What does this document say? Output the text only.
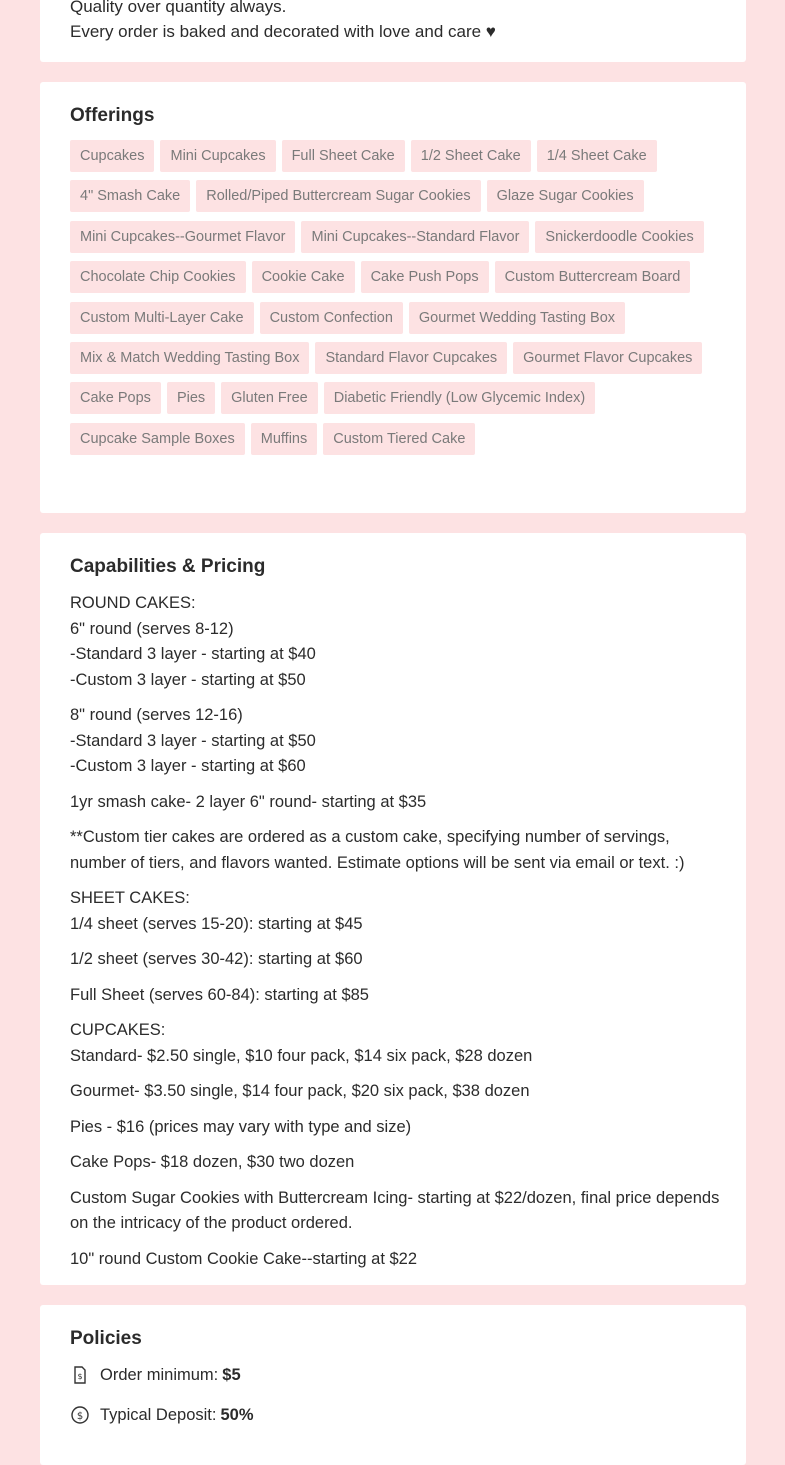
Quality over quantity always.

Every order is baked and decorated with love and care ♥

Offerings
Cupcakes Mini Cupcakes Full Sheet Cake 1/2 Sheet Cake 1/4 Sheet Cake
4" Smash Cake Rolled/Piped Buttercream Sugar Cookies Glaze Sugar Cookies
Mini Cupcakes--Gourmet Flavor Mini Cupcakes--Standard Flavor Snickerdoodle Cookies
Chocolate Chip Cookies Cookie Cake Cake Push Pops Custom Buttercream Board
Custom Multi-Layer Cake Custom Confection Gourmet Wedding Tasting Box
Mix & Match Wedding Tasting Box Standard Flavor Cupcakes Gourmet Flavor Cupcakes
Cake Pops Pies Gluten Free Diabetic Friendly (Low Glycemic Index)
Cupcake Sample Boxes Muffins Custom Tiered Cake
Capabilities & Pricing

ROUND CAKES:
6" round (serves 8-12)
-Standard 3 layer - starting at $40
-Custom 3 layer - starting at $50

8" round (serves 12-16)
-Standard 3 layer - starting at $50
-Custom 3 layer - starting at $60

1yr smash cake- 2 layer 6" round- starting at $35

**Custom tier cakes are ordered as a custom cake, specifying number of servings, number of tiers, and flavors wanted. Estimate options will be sent via email or text. :)

SHEET CAKES:
1/4 sheet (serves 15-20): starting at $45

1/2 sheet (serves 30-42): starting at $60

Full Sheet (serves 60-84): starting at $85

CUPCAKES:
Standard- $2.50 single, $10 four pack, $14 six pack, $28 dozen

Gourmet- $3.50 single, $14 four pack, $20 six pack, $38 dozen

Pies - $16 (prices may vary with type and size)

Cake Pops- $18 dozen, $30 two dozen

Custom Sugar Cookies with Buttercream Icing- starting at $22/dozen, final price depends on the intricacy of the product ordered.

10" round Custom Cookie Cake--starting at $22

Policies
$ Order minimum: $5
$ Typical Deposit: 50%
